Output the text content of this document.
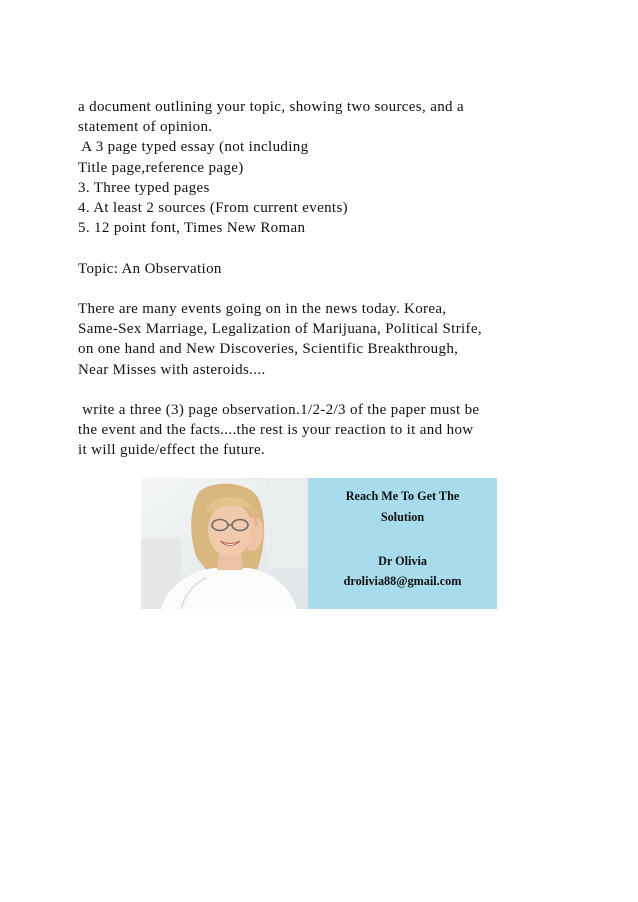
a document outlining your topic, showing two sources, and a
statement of opinion.
A 3 page typed essay (not including
Title page,reference page)
3. Three typed pages
4. At least 2 sources (From current events)
5. 12 point font, Times New Roman
Topic: An Observation
There are many events going on in the news today. Korea,
Same-Sex Marriage, Legalization of Marijuana, Political Strife,
on one hand and New Discoveries, Scientific Breakthrough,
Near Misses with asteroids....
write a three (3) page observation.1/2-2/3 of the paper must be
the event and the facts....the rest is your reaction to it and how
it will guide/effect the future.
Reach Me To Get The
Solution
Dr Olivia
drolivia88@gmail.com
